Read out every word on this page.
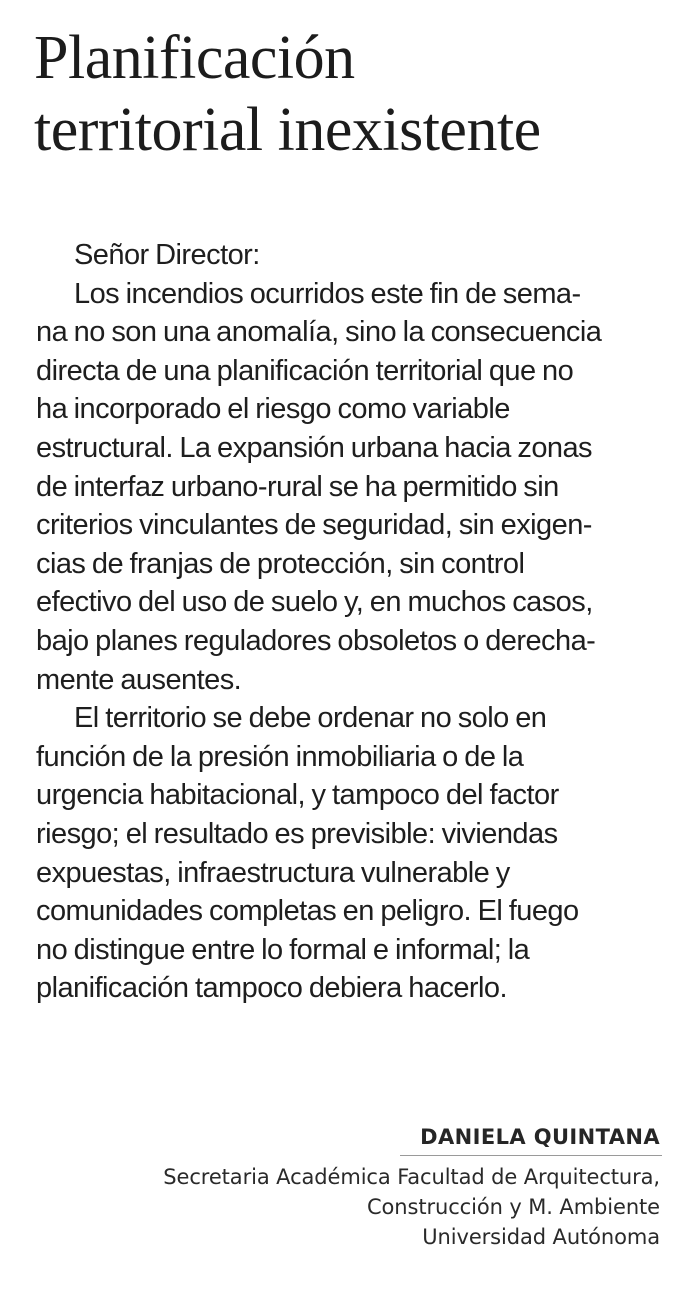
Planificación
territorial inexistente
Señor Director:
Los incendios ocurridos este fin de sema-
na no son una anomalía, sino la consecuencia
directa de una planificación territorial que no
ha incorporado el riesgo como variable
estructural. La expansión urbana hacia zonas
de interfaz urbano-rural se ha permitido sin
criterios vinculantes de seguridad, sin exigen-
cias de franjas de protección, sin control
efectivo del uso de suelo y, en muchos casos,
bajo planes reguladores obsoletos o derecha-
mente ausentes.
El territorio se debe ordenar no solo en
función de la presión inmobiliaria o de la
urgencia habitacional, y tampoco del factor
riesgo; el resultado es previsible: viviendas
expuestas, infraestructura vulnerable y
comunidades completas en peligro. El fuego
no distingue entre lo formal e informal; la
planificación tampoco debiera hacerlo.
DANIELA QUINTANA
Secretaria Académica Facultad de Arquitectura,
Construcción y M. Ambiente
Universidad Autónoma
